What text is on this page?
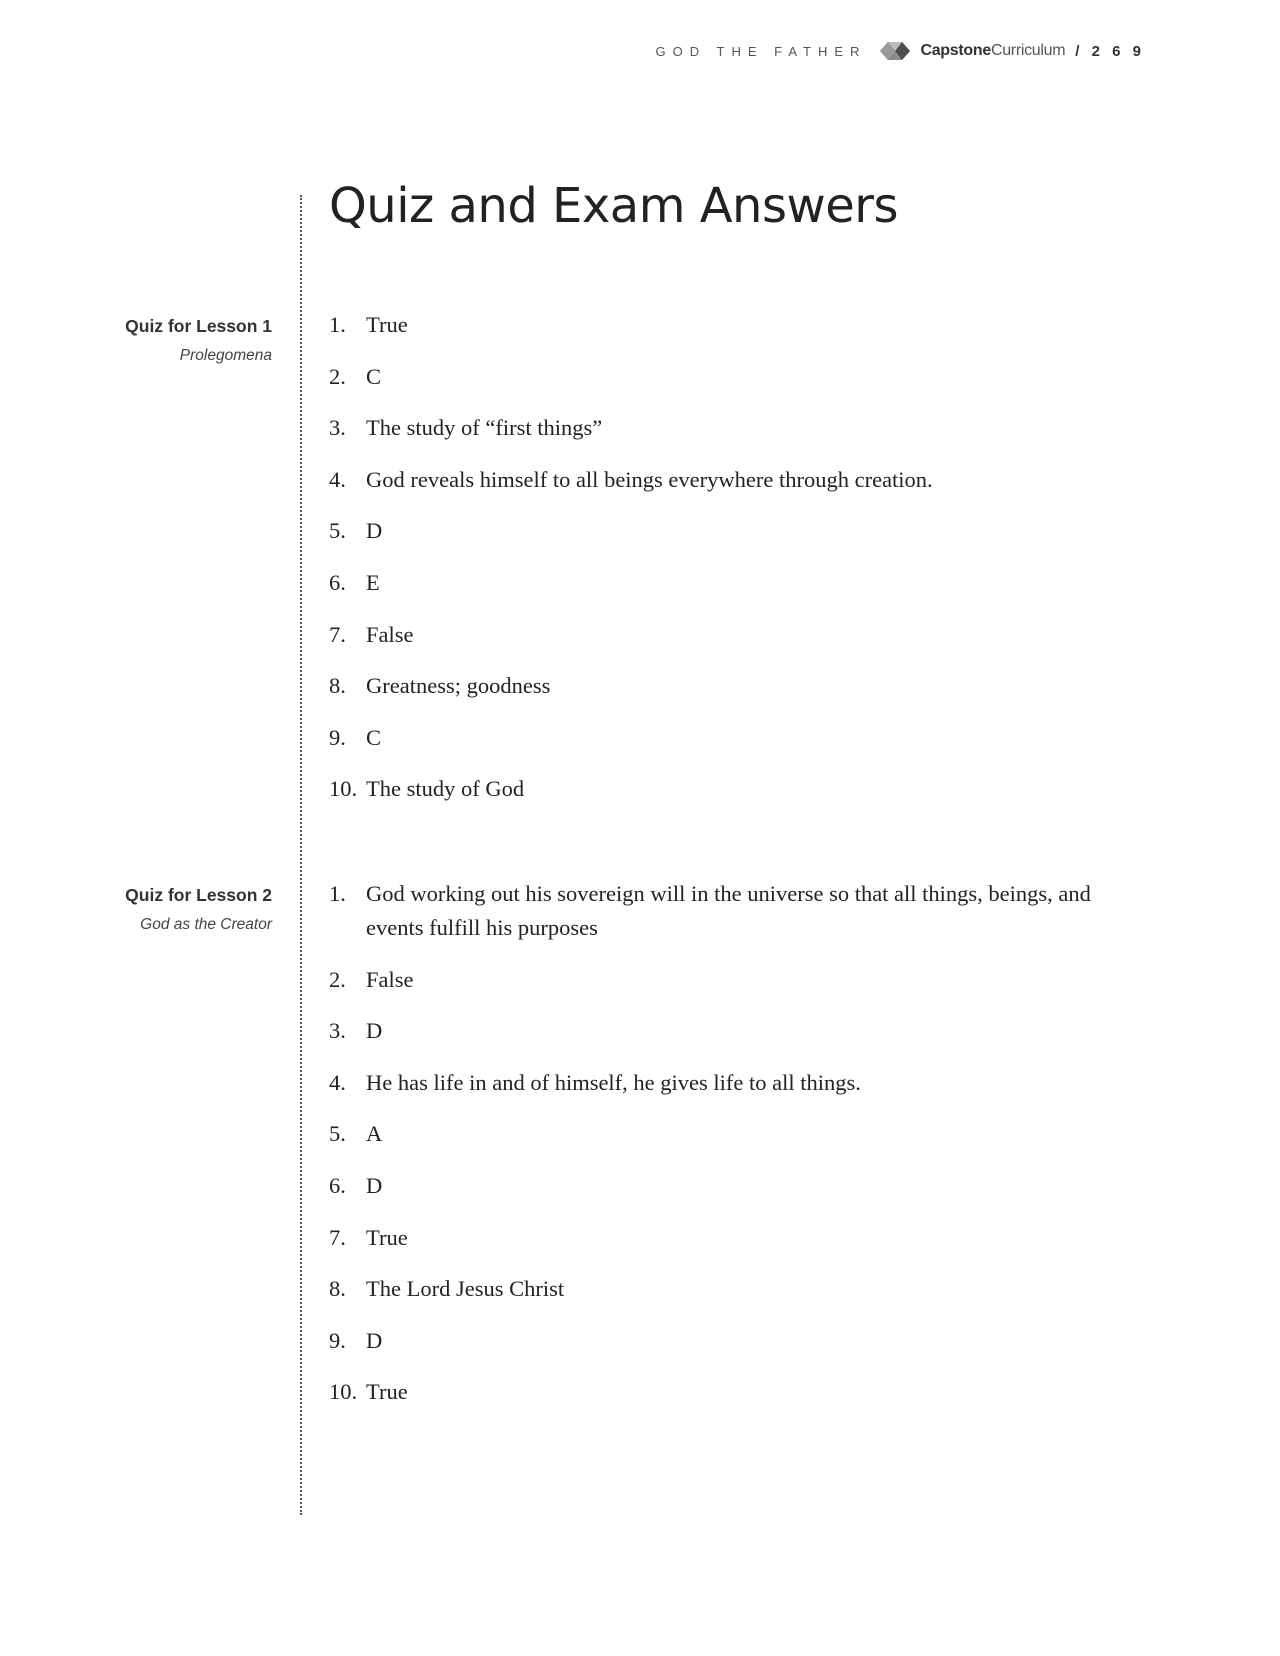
GOD THE FATHER	Capstone Curriculum / 2 6 9
Quiz and Exam Answers
Quiz for Lesson 1
Prolegomena
1. True
2. C
3. The study of “first things”
4. God reveals himself to all beings everywhere through creation.
5. D
6. E
7. False
8. Greatness; goodness
9. C
10. The study of God
Quiz for Lesson 2
God as the Creator
1. God working out his sovereign will in the universe so that all things, beings, and events fulfill his purposes
2. False
3. D
4. He has life in and of himself, he gives life to all things.
5. A
6. D
7. True
8. The Lord Jesus Christ
9. D
10. True
